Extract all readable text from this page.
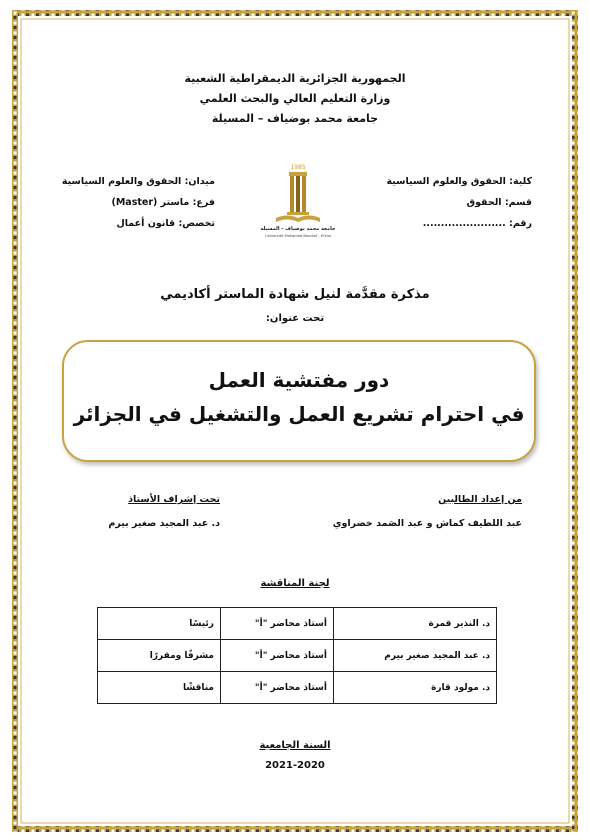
الجمهورية الجزائرية الديمقراطية الشعبية
وزارة التعليم العالي والبحث العلمي
جامعة محمد بوضياف – المسيلة
كلية: الحقوق والعلوم السياسية
قسم: الحقوق
رقم: .......................
ميدان: الحقوق والعلوم السياسية
فرع: ماستر (Master)
تخصص: قانون أعمال
1985
جامعة محمد بوضياف - المسيلة
Université Mohamed Boudiaf - M'sila
مذكرة مقدَّمة لنيل شهادة الماستر أكاديمي
تحت عنوان:
دور مفتشية العمل
في احترام تشريع العمل والتشغيل في الجزائر
من إعداد الطالبين
عبد اللطيف كماش و عبد الصَمد خضراوي
تحت إشراف الأستاذ
د. عبد المجيد صغير بيرم
لجنة المناقشة
د. النذير قمرة	أستاذ محاضر "أ"	رئيسًا
د. عبد المجيد صغير بيرم	أستاذ محاضر "أ"	مشرفًا ومقررًا
د. مولود قارة	أستاذ محاضر "أ"	مناقشًا
السنة الجامعية
2021-2020
